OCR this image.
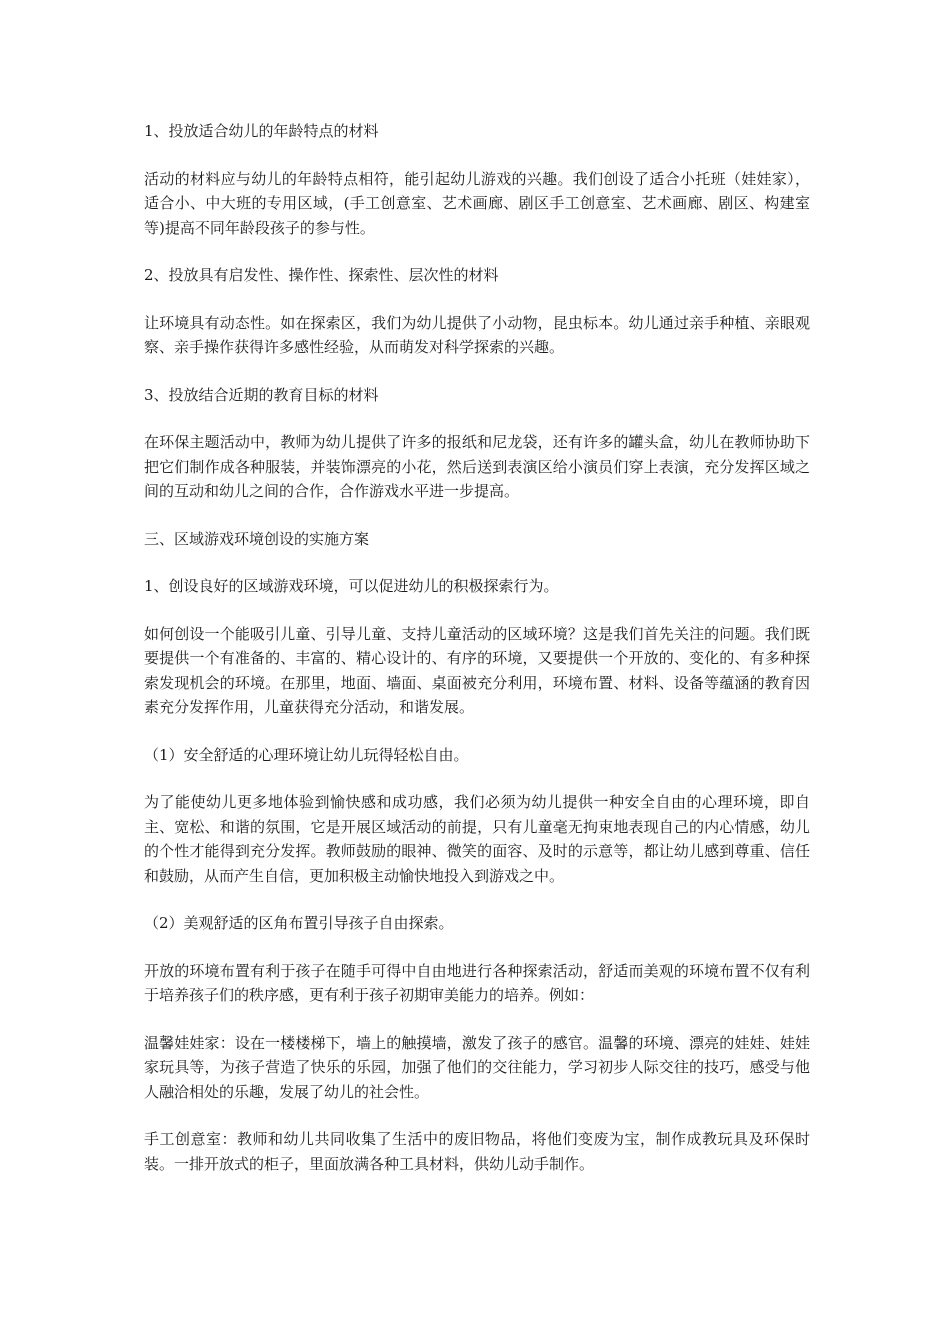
1、投放适合幼儿的年龄特点的材料

活动的材料应与幼儿的年龄特点相符，能引起幼儿游戏的兴趣。我们创设了适合小托班（娃娃家），适合小、中大班的专用区域，(手工创意室、艺术画廊、剧区手工创意室、艺术画廊、剧区、构建室等)提高不同年龄段孩子的参与性。

2、投放具有启发性、操作性、探索性、层次性的材料

让环境具有动态性。如在探索区，我们为幼儿提供了小动物，昆虫标本。幼儿通过亲手种植、亲眼观察、亲手操作获得许多感性经验，从而萌发对科学探索的兴趣。

3、投放结合近期的教育目标的材料

在环保主题活动中，教师为幼儿提供了许多的报纸和尼龙袋，还有许多的罐头盒，幼儿在教师协助下把它们制作成各种服装，并装饰漂亮的小花，然后送到表演区给小演员们穿上表演，充分发挥区域之间的互动和幼儿之间的合作，合作游戏水平进一步提高。

三、区域游戏环境创设的实施方案

1、创设良好的区域游戏环境，可以促进幼儿的积极探索行为。

如何创设一个能吸引儿童、引导儿童、支持儿童活动的区域环境？这是我们首先关注的问题。我们既要提供一个有准备的、丰富的、精心设计的、有序的环境，又要提供一个开放的、变化的、有多种探索发现机会的环境。在那里，地面、墙面、桌面被充分利用，环境布置、材料、设备等蕴涵的教育因素充分发挥作用，儿童获得充分活动，和谐发展。

（1）安全舒适的心理环境让幼儿玩得轻松自由。

为了能使幼儿更多地体验到愉快感和成功感，我们必须为幼儿提供一种安全自由的心理环境，即自主、宽松、和谐的氛围，它是开展区域活动的前提，只有儿童毫无拘束地表现自己的内心情感，幼儿的个性才能得到充分发挥。教师鼓励的眼神、微笑的面容、及时的示意等，都让幼儿感到尊重、信任和鼓励，从而产生自信，更加积极主动愉快地投入到游戏之中。

（2）美观舒适的区角布置引导孩子自由探索。

开放的环境布置有利于孩子在随手可得中自由地进行各种探索活动，舒适而美观的环境布置不仅有利于培养孩子们的秩序感，更有利于孩子初期审美能力的培养。例如：

温馨娃娃家：设在一楼楼梯下，墙上的触摸墙，激发了孩子的感官。温馨的环境、漂亮的娃娃、娃娃家玩具等，为孩子营造了快乐的乐园，加强了他们的交往能力，学习初步人际交往的技巧，感受与他人融洽相处的乐趣，发展了幼儿的社会性。

手工创意室：教师和幼儿共同收集了生活中的废旧物品，将他们变废为宝，制作成教玩具及环保时装。一排开放式的柜子，里面放满各种工具材料，供幼儿动手制作。
